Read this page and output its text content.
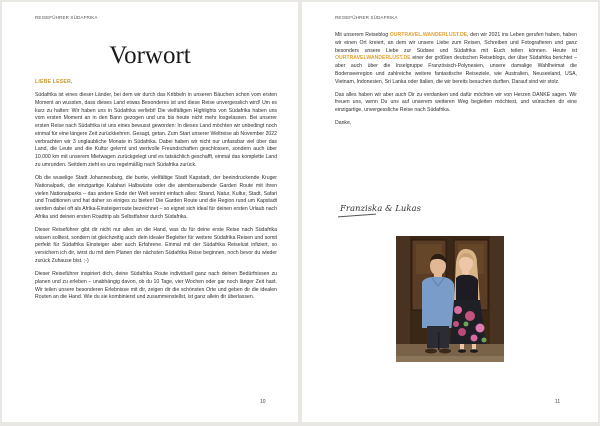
REISEFÜHRER SÜDAFRIKA
Vorwort

LIEBE LESER,

Südafrika ist eines dieser Länder, bei dem wir durch das Kribbeln in unseren Bäuchen schon vom ersten Moment an wussten, dass dieses Land etwas Besonderes ist und diese Reise unvergesslich wird! Um es kurz zu halten: Wir haben uns in Südafrika verliebt! Die vielfältigen Highlights von Südafrika haben uns vom ersten Moment an in den Bann gezogen und uns bis heute nicht mehr losgelassen. Bei unserer ersten Reise nach Südafrika ist uns eines bewusst geworden: In dieses Land möchten wir unbedingt noch einmal für eine längere Zeit zurückkehren. Gesagt, getan. Zum Start unserer Weltreise ab November 2022 verbrachten wir 3 unglaubliche Monate in Südafrika. Dabei haben wir nicht nur unfassbar viel über das Land, die Leute und die Kultur gelernt und wertvolle Freundschaften geschlossen, sondern auch über 10.000 km mit unserem Mietwagen zurückgelegt und es tatsächlich geschafft, einmal das komplette Land zu umrunden. Seitdem zieht es uns regelmäßig nach Südafrika zurück.

Ob die wuselige Stadt Johannesburg, die bunte, vielfältige Stadt Kapstadt, der beeindruckende Kruger Nationalpark, die einzigartige Kalahari Halbwüste oder die atemberaubende Garden Route mit ihren vielen Nationalparks – das andere Ende der Welt vereint einfach alles: Strand, Natur, Kultur, Stadt, Safari und Traditionen und hat daher so einiges zu bieten! Die Garden Route und die Region rund um Kapstadt werden dabei oft als Afrika-Einsteigerroute bezeichnet – so eignet sich ideal für deinen ersten Urlaub nach Afrika und deinen ersten Roadtrip als Selbstfahrer durch Südafrika.

Dieser Reiseführer gibt dir nicht nur alles an die Hand, was du für deine erste Reise nach Südafrika wissen solltest, sondern ist gleichzeitig auch dein idealer Begleiter für weitere Südafrika Reisen und somit perfekt für Südafrika Einsteiger aber auch Erfahrene. Einmal mit der Südafrika Reiselust infiziert, so versichern ich dir, wirst du mit dem Planen der nächsten Südafrika Reise beginnen, noch bevor du wieder zurück Zuhause bist. ;-)

Dieser Reiseführer inspiriert dich, deine Südafrika Route individuell ganz nach deinen Bedürfnissen zu planen und zu erleben – unabhängig davon, ob du 10 Tage, vier Wochen oder gar noch länger Zeit hast. Wir teilen unsere besonderen Erlebnisse mit dir, zeigen dir die schönsten Orte und geben dir die idealen Routen an die Hand. Wie du sie kombinierst und zusammenstellst, ist ganz allein dir überlassen.

10
REISEFÜHRER SÜDAFRIKA

Mit unserem Reiseblog OURTRAVEL.WANDERLUST.DE, den wir 2021 ins Leben gerufen haben, haben wir einen Ort kreiert, an dem wir unsere Liebe zum Reisen, Schreiben und Fotografieren und ganz besonders unsere Liebe zur Südsee und Südafrika mit Euch teilen können. Heute ist OURTRAVELWANDERLUST.DE einer der größten deutschen Reiseblogs, der über Südafrika berichtet – aber auch über die Inselgruppe Französisch-Polynesien, unsere damalige Wahlheimat die Bodenseeregion und zahlreiche weitere fantastische Reiseziele, wie Australien, Neuseeland, USA, Vietnam, Indonesien, Sri Lanka oder Italien, die wir bereits besuchen durften. Darauf sind wir stolz.

Das alles haben wir aber auch Dir zu verdanken und dafür möchten wir von Herzen DANKE sagen. Wir freuen uns, wenn Du uns auf unserem weiteren Weg begleiten möchtest, und wünschen dir eine einzigartige, unvergessliche Reise nach Südafrika.

Danke,

Franziska & Lukas
11
